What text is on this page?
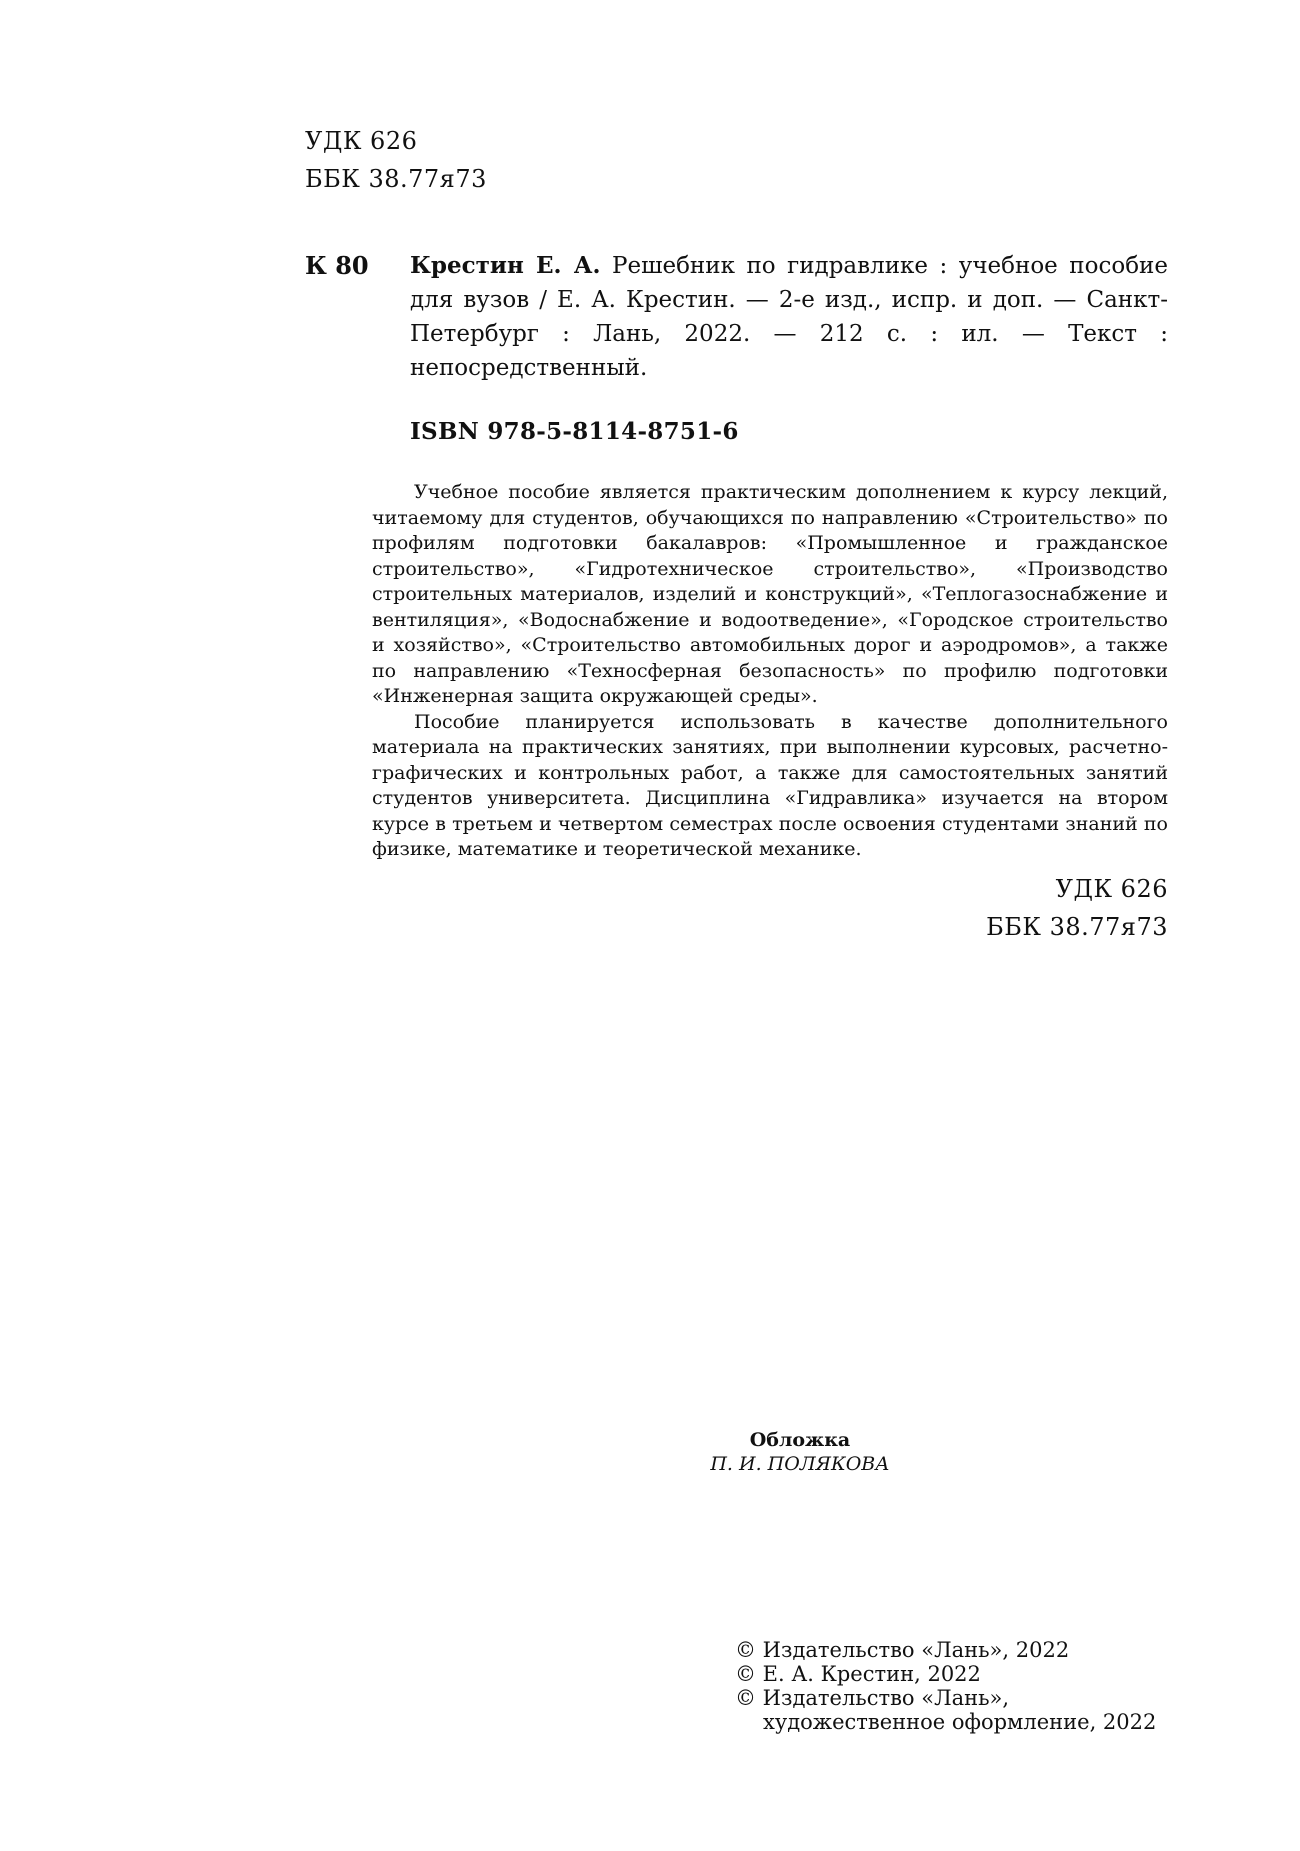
УДК 626
ББК 38.77я73
К 80 Крестин Е. А. Решебник по гидравлике : учебное пособие для вузов / Е. А. Крестин. — 2-е изд., испр. и доп. — Санкт-Петербург : Лань, 2022. — 212 с. : ил. — Текст : непосредственный.
ISBN 978-5-8114-8751-6

Учебное пособие является практическим дополнением к курсу лекций, читаемому для студентов, обучающихся по направлению «Строительство» по профилям подготовки бакалавров: «Промышленное и гражданское строительство», «Гидротехническое строительство», «Производство строительных материалов, изделий и конструкций», «Теплогазоснабжение и вентиляция», «Водоснабжение и водоотведение», «Городское строительство и хозяйство», «Строительство автомобильных дорог и аэродромов», а также по направлению «Техносферная безопасность» по профилю подготовки «Инженерная защита окружающей среды».

Пособие планируется использовать в качестве дополнительного материала на практических занятиях, при выполнении курсовых, расчетно-графических и контрольных работ, а также для самостоятельных занятий студентов университета. Дисциплина «Гидравлика» изучается на втором курсе в третьем и четвертом семестрах после освоения студентами знаний по физике, математике и теоретической механике.

УДК 626
ББК 38.77я73
Обложка
П. И. ПОЛЯКОВА
© Издательство «Лань», 2022
© Е. А. Крестин, 2022
© Издательство «Лань»,
художественное оформление, 2022
